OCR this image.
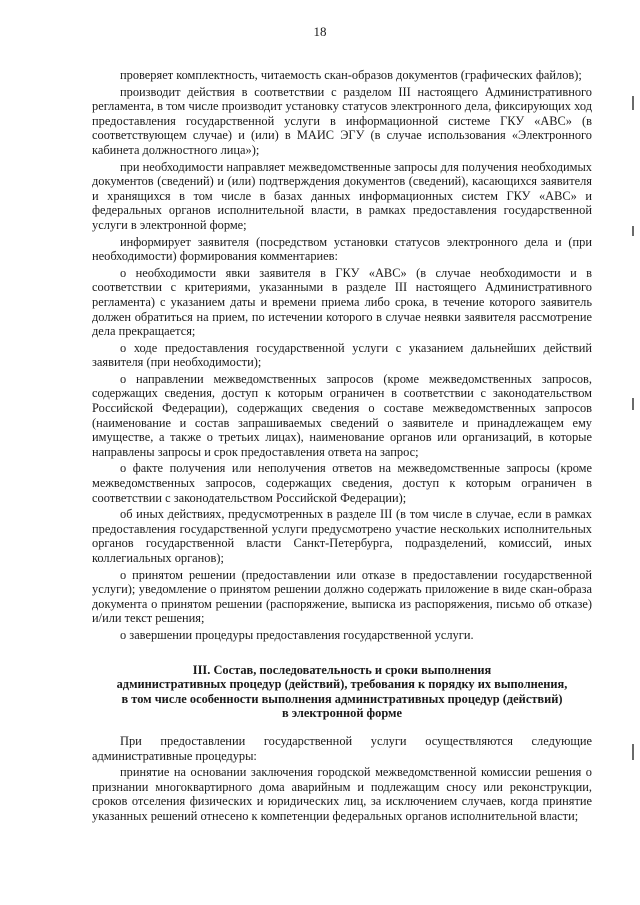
18

проверяет комплектность, читаемость скан-образов документов (графических файлов);

производит действия в соответствии с разделом III настоящего Административного регламента, в том числе производит установку статусов электронного дела, фиксирующих ход предоставления государственной услуги в информационной системе ГКУ «АВС» (в соответствующем случае) и (или) в МАИС ЭГУ (в случае использования «Электронного кабинета должностного лица»);

при необходимости направляет межведомственные запросы для получения необходимых документов (сведений) и (или) подтверждения документов (сведений), касающихся заявителя и хранящихся в том числе в базах данных информационных систем ГКУ «АВС» и федеральных органов исполнительной власти, в рамках предоставления государственной услуги в электронной форме;

информирует заявителя (посредством установки статусов электронного дела и (при необходимости) формирования комментариев:

о необходимости явки заявителя в ГКУ «АВС» (в случае необходимости и в соответствии с критериями, указанными в разделе III настоящего Административного регламента) с указанием даты и времени приема либо срока, в течение которого заявитель должен обратиться на прием, по истечении которого в случае неявки заявителя рассмотрение дела прекращается;

о ходе предоставления государственной услуги с указанием дальнейших действий заявителя (при необходимости);

о направлении межведомственных запросов (кроме межведомственных запросов, содержащих сведения, доступ к которым ограничен в соответствии с законодательством Российской Федерации), содержащих сведения о составе межведомственных запросов (наименование и состав запрашиваемых сведений о заявителе и принадлежащем ему имуществе, а также о третьих лицах), наименование органов или организаций, в которые направлены запросы и срок предоставления ответа на запрос;

о факте получения или неполучения ответов на межведомственные запросы (кроме межведомственных запросов, содержащих сведения, доступ к которым ограничен в соответствии с законодательством Российской Федерации);

об иных действиях, предусмотренных в разделе III (в том числе в случае, если в рамках предоставления государственной услуги предусмотрено участие нескольких исполнительных органов государственной власти Санкт-Петербурга, подразделений, комиссий, иных коллегиальных органов);

о принятом решении (предоставлении или отказе в предоставлении государственной услуги); уведомление о принятом решении должно содержать приложение в виде скан-образа документа о принятом решении (распоряжение, выписка из распоряжения, письмо об отказе) и/или текст решения;

о завершении процедуры предоставления государственной услуги.

III. Состав, последовательность и сроки выполнения
административных процедур (действий), требования к порядку их выполнения,
в том числе особенности выполнения административных процедур (действий)
в электронной форме

При предоставлении государственной услуги осуществляются следующие административные процедуры:

принятие на основании заключения городской межведомственной комиссии решения о признании многоквартирного дома аварийным и подлежащим сносу или реконструкции, сроков отселения физических и юридических лиц, за исключением случаев, когда принятие указанных решений отнесено к компетенции федеральных органов исполнительной власти;
